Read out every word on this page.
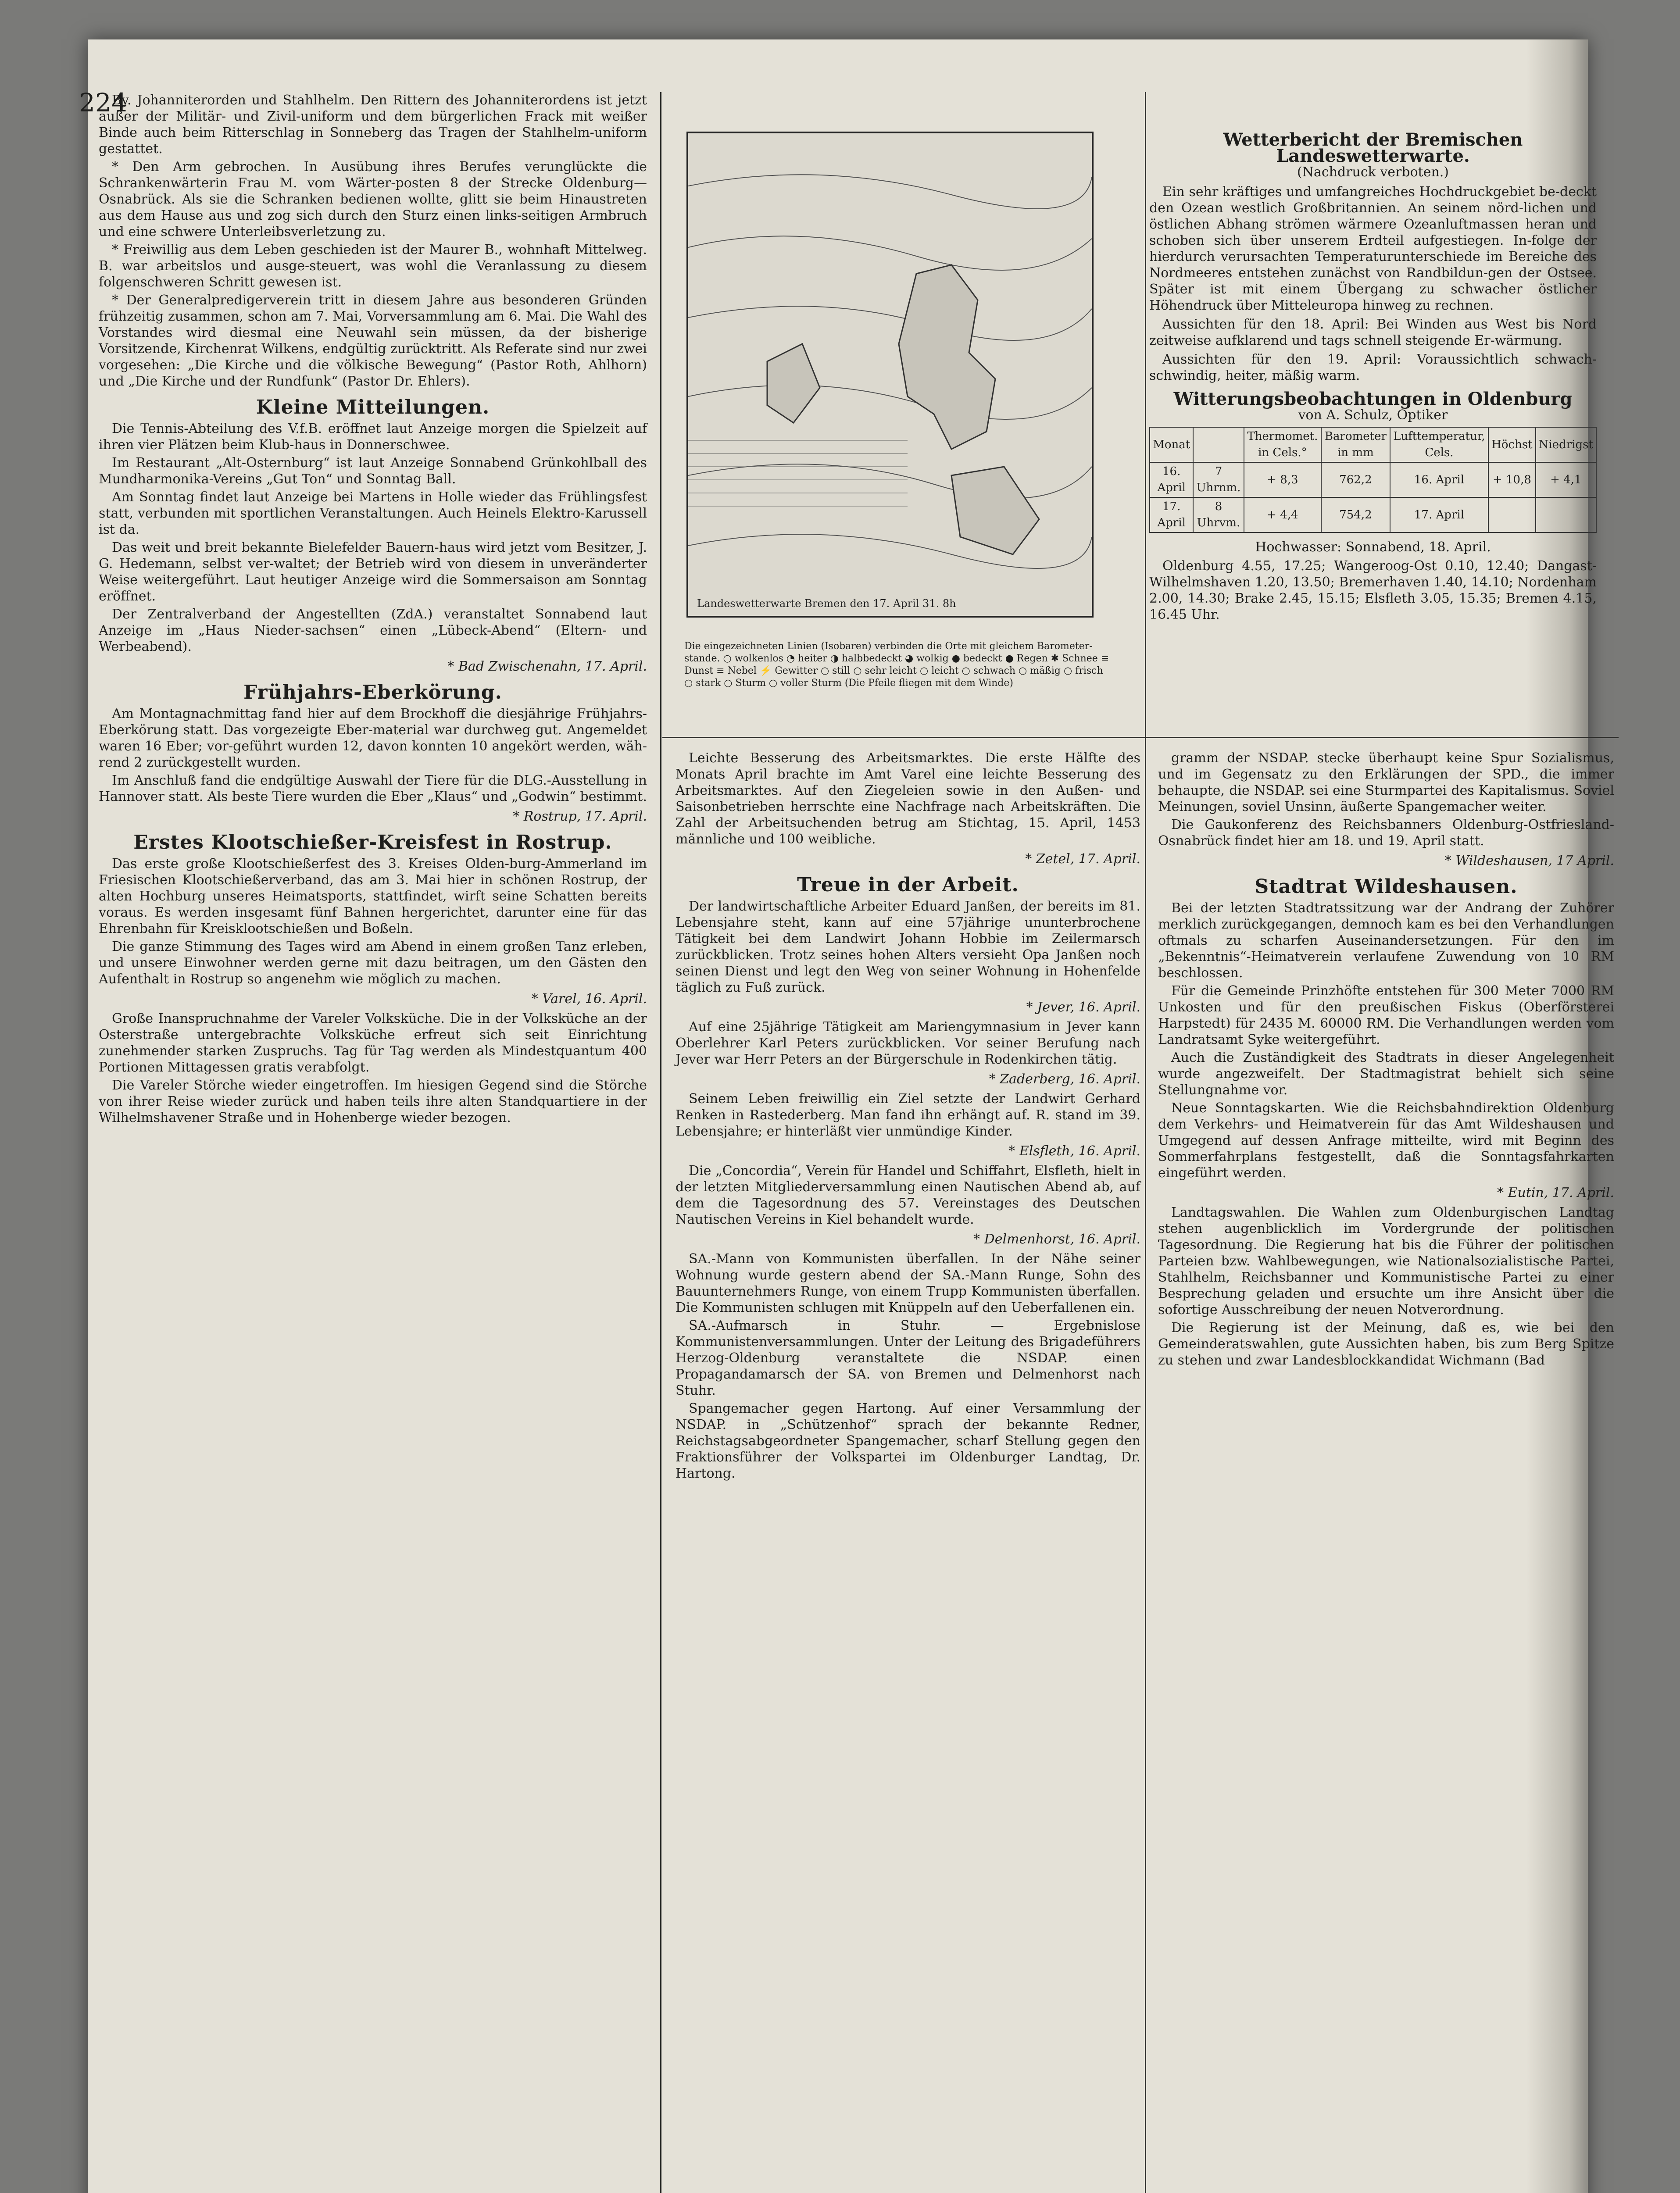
224

By. Johanniterorden und Stahlhelm. Den Rittern des Johanniterordens ist jetzt außer der Militär- und Zivil-uniform und dem bürgerlichen Frack mit weißer Binde auch beim Ritterschlag in Sonneberg das Tragen der Stahlhelm-uniform gestattet.

* Den Arm gebrochen. In Ausübung ihres Berufes verunglückte die Schrankenwärterin Frau M. vom Wärter-posten 8 der Strecke Oldenburg—Osnabrück. Als sie die Schranken bedienen wollte, glitt sie beim Hinaustreten aus dem Hause aus und zog sich durch den Sturz einen links-seitigen Armbruch und eine schwere Unterleibsverletzung zu.

* Freiwillig aus dem Leben geschieden ist der Maurer B., wohnhaft Mittelweg. B. war arbeitslos und ausge-steuert, was wohl die Veranlassung zu diesem folgenschweren Schritt gewesen ist.

* Der Generalpredigerverein tritt in diesem Jahre aus besonderen Gründen frühzeitig zusammen, schon am 7. Mai, Vorversammlung am 6. Mai. Die Wahl des Vorstandes wird diesmal eine Neuwahl sein müssen, da der bisherige Vorsitzende, Kirchenrat Wilkens, endgültig zurücktritt. Als Referate sind nur zwei vorgesehen: „Die Kirche und die völkische Bewegung“ (Pastor Roth, Ahlhorn) und „Die Kirche und der Rundfunk“ (Pastor Dr. Ehlers).

Kleine Mitteilungen.

Die Tennis-Abteilung des V.f.B. eröffnet laut Anzeige morgen die Spielzeit auf ihren vier Plätzen beim Klub-haus in Donnerschwee.

Im Restaurant „Alt-Osternburg“ ist laut Anzeige Sonnabend Grünkohlball des Mundharmonika-Vereins „Gut Ton“ und Sonntag Ball.

Am Sonntag findet laut Anzeige bei Martens in Holle wieder das Frühlingsfest statt, verbunden mit sportlichen Veranstaltungen. Auch Heinels Elektro-Karussell ist da.

Das weit und breit bekannte Bielefelder Bauern-haus wird jetzt vom Besitzer, J. G. Hedemann, selbst ver-waltet; der Betrieb wird von diesem in unveränderter Weise weitergeführt. Laut heutiger Anzeige wird die Sommersaison am Sonntag eröffnet.

Der Zentralverband der Angestellten (ZdA.) veranstaltet Sonnabend laut Anzeige im „Haus Nieder-sachsen“ einen „Lübeck-Abend“ (Eltern- und Werbeabend).

* Bad Zwischenahn, 17. April.
Frühjahrs-Eberkörung.

Am Montagnachmittag fand hier auf dem Brockhoff die diesjährige Frühjahrs-Eberkörung statt. Das vorgezeigte Eber-material war durchweg gut. Angemeldet waren 16 Eber; vor-geführt wurden 12, davon konnten 10 angekört werden, wäh-rend 2 zurückgestellt wurden.

Im Anschluß fand die endgültige Auswahl der Tiere für die DLG.-Ausstellung in Hannover statt. Als beste Tiere wurden die Eber „Klaus“ und „Godwin“ bestimmt.

* Rostrup, 17. April.
Erstes Klootschießer-Kreisfest in Rostrup.

Das erste große Klootschießerfest des 3. Kreises Olden-burg-Ammerland im Friesischen Klootschießerverband, das am 3. Mai hier in schönen Rostrup, der alten Hochburg unseres Heimatsports, stattfindet, wirft seine Schatten bereits voraus. Es werden insgesamt fünf Bahnen hergerichtet, darunter eine für das Ehrenbahn für Kreisklootschießen und Boßeln.

Die ganze Stimmung des Tages wird am Abend in einem großen Tanz erleben, und unsere Einwohner werden gerne mit dazu beitragen, um den Gästen den Aufenthalt in Rostrup so angenehm wie möglich zu machen.

* Varel, 16. April.

Große Inanspruchnahme der Vareler Volksküche. Die in der Volksküche an der Osterstraße untergebrachte Volksküche erfreut sich seit Einrichtung zunehmender starken Zuspruchs. Tag für Tag werden als Mindestquantum 400 Portionen Mittagessen gratis verabfolgt.

Die Vareler Störche wieder eingetroffen. Im hiesigen Gegend sind die Störche von ihrer Reise wieder zurück und haben teils ihre alten Standquartiere in der Wilhelmshavener Straße und in Hohenberge wieder bezogen.

Landeswetterwarte Bremen den 17. April 31. 8h
Die eingezeichneten Linien (Isobaren) verbinden die Orte mit gleichem Barometer-stande. ○ wolkenlos ◔ heiter ◑ halbbedeckt ◕ wolkig ● bedeckt ● Regen ✱ Schnee ≡ Dunst ≡ Nebel ⚡ Gewitter ○ still ○ sehr leicht ○ leicht ○ schwach ○ mäßig ○ frisch ○ stark ○ Sturm ○ voller Sturm (Die Pfeile fliegen mit dem Winde)
Wetterbericht der Bremischen Landeswetterwarte.
(Nachdruck verboten.)

Ein sehr kräftiges und umfangreiches Hochdruckgebiet be-deckt den Ozean westlich Großbritannien. An seinem nörd-lichen und östlichen Abhang strömen wärmere Ozeanluftmassen heran und schoben sich über unserem Erdteil aufgestiegen. In-folge der hierdurch verursachten Temperaturunterschiede im Bereiche des Nordmeeres entstehen zunächst von Randbildun-gen der Ostsee. Später ist mit einem Übergang zu schwacher östlicher Höhendruck über Mitteleuropa hinweg zu rechnen.

Aussichten für den 18. April: Bei Winden aus West bis Nord zeitweise aufklarend und tags schnell steigende Er-wärmung.

Aussichten für den 19. April: Voraussichtlich schwach-schwindig, heiter, mäßig warm.

Witterungsbeobachtungen in Oldenburg
von A. Schulz, Optiker
Monat		Thermomet. in Cels.°	Barometer in mm	Lufttemperatur, Cels.	Höchst	Niedrigst
16. April	7 Uhrnm.	+ 8,3	762,2	16. April	+ 10,8	+ 4,1
17. April	8 Uhrvm.	+ 4,4	754,2	17. April		

Hochwasser: Sonnabend, 18. April.

Oldenburg 4.55, 17.25; Wangeroog-Ost 0.10, 12.40; Dangast-Wilhelmshaven 1.20, 13.50; Bremerhaven 1.40, 14.10; Nordenham 2.00, 14.30; Brake 2.45, 15.15; Elsfleth 3.05, 15.35; Bremen 4.15, 16.45 Uhr.

Leichte Besserung des Arbeitsmarktes. Die erste Hälfte des Monats April brachte im Amt Varel eine leichte Besserung des Arbeitsmarktes. Auf den Ziegeleien sowie in den Außen- und Saisonbetrieben herrschte eine Nachfrage nach Arbeitskräften. Die Zahl der Arbeitsuchenden betrug am Stichtag, 15. April, 1453 männliche und 100 weibliche.

* Zetel, 17. April.
Treue in der Arbeit.

Der landwirtschaftliche Arbeiter Eduard Janßen, der bereits im 81. Lebensjahre steht, kann auf eine 57jährige ununterbrochene Tätigkeit bei dem Landwirt Johann Hobbie im Zeilermarsch zurückblicken. Trotz seines hohen Alters versieht Opa Janßen noch seinen Dienst und legt den Weg von seiner Wohnung in Hohenfelde täglich zu Fuß zurück.

* Jever, 16. April.

Auf eine 25jährige Tätigkeit am Mariengymnasium in Jever kann Oberlehrer Karl Peters zurückblicken. Vor seiner Berufung nach Jever war Herr Peters an der Bürgerschule in Rodenkirchen tätig.

* Zaderberg, 16. April.

Seinem Leben freiwillig ein Ziel setzte der Landwirt Gerhard Renken in Rastederberg. Man fand ihn erhängt auf. R. stand im 39. Lebensjahre; er hinterläßt vier unmündige Kinder.

* Elsfleth, 16. April.

Die „Concordia“, Verein für Handel und Schiffahrt, Elsfleth, hielt in der letzten Mitgliederversammlung einen Nautischen Abend ab, auf dem die Tagesordnung des 57. Vereinstages des Deutschen Nautischen Vereins in Kiel behandelt wurde.

* Delmenhorst, 16. April.

SA.-Mann von Kommunisten überfallen. In der Nähe seiner Wohnung wurde gestern abend der SA.-Mann Runge, Sohn des Bauunternehmers Runge, von einem Trupp Kommunisten überfallen. Die Kommunisten schlugen mit Knüppeln auf den Ueberfallenen ein.

SA.-Aufmarsch in Stuhr. — Ergebnislose Kommunistenversammlungen. Unter der Leitung des Brigadeführers Herzog-Oldenburg veranstaltete die NSDAP. einen Propagandamarsch der SA. von Bremen und Delmenhorst nach Stuhr.

Spangemacher gegen Hartong. Auf einer Versammlung der NSDAP. in „Schützenhof“ sprach der bekannte Redner, Reichstagsabgeordneter Spangemacher, scharf Stellung gegen den Fraktionsführer der Volkspartei im Oldenburger Landtag, Dr. Hartong.

gramm der NSDAP. stecke überhaupt keine Spur Sozialismus, und im Gegensatz zu den Erklärungen der SPD., die immer behaupte, die NSDAP. sei eine Sturmpartei des Kapitalismus. Soviel Meinungen, soviel Unsinn, äußerte Spangemacher weiter.

Die Gaukonferenz des Reichsbanners Oldenburg-Ostfriesland-Osnabrück findet hier am 18. und 19. April statt.

* Wildeshausen, 17 April.
Stadtrat Wildeshausen.

Bei der letzten Stadtratssitzung war der Andrang der Zuhörer merklich zurückgegangen, demnoch kam es bei den Verhandlungen oftmals zu scharfen Auseinandersetzungen. Für den im „Bekenntnis“-Heimatverein verlaufene Zuwendung von 10 RM beschlossen.

Für die Gemeinde Prinzhöfte entstehen für 300 Meter 7000 RM Unkosten und für den preußischen Fiskus (Oberförsterei Harpstedt) für 2435 M. 60000 RM. Die Verhandlungen werden vom Landratsamt Syke weitergeführt.

Auch die Zuständigkeit des Stadtrats in dieser Angelegenheit wurde angezweifelt. Der Stadtmagistrat behielt sich seine Stellungnahme vor.

Neue Sonntagskarten. Wie die Reichsbahndirektion Oldenburg dem Verkehrs- und Heimatverein für das Amt Wildeshausen und Umgegend auf dessen Anfrage mitteilte, wird mit Beginn des Sommerfahrplans festgestellt, daß die Sonntagsfahrkarten eingeführt werden.

* Eutin, 17. April.

Landtagswahlen. Die Wahlen zum Oldenburgischen Landtag stehen augenblicklich im Vordergrunde der politischen Tagesordnung. Die Regierung hat bis die Führer der politischen Parteien bzw. Wahlbewegungen, wie Nationalsozialistische Partei, Stahlhelm, Reichsbanner und Kommunistische Partei zu einer Besprechung geladen und ersuchte um ihre Ansicht über die sofortige Ausschreibung der neuen Notverordnung.

Die Regierung ist der Meinung, daß es, wie bei den Gemeinderatswahlen, gute Aussichten haben, bis zum Berg Spitze zu stehen und zwar Landesblockkandidat Wichmann (Bad
